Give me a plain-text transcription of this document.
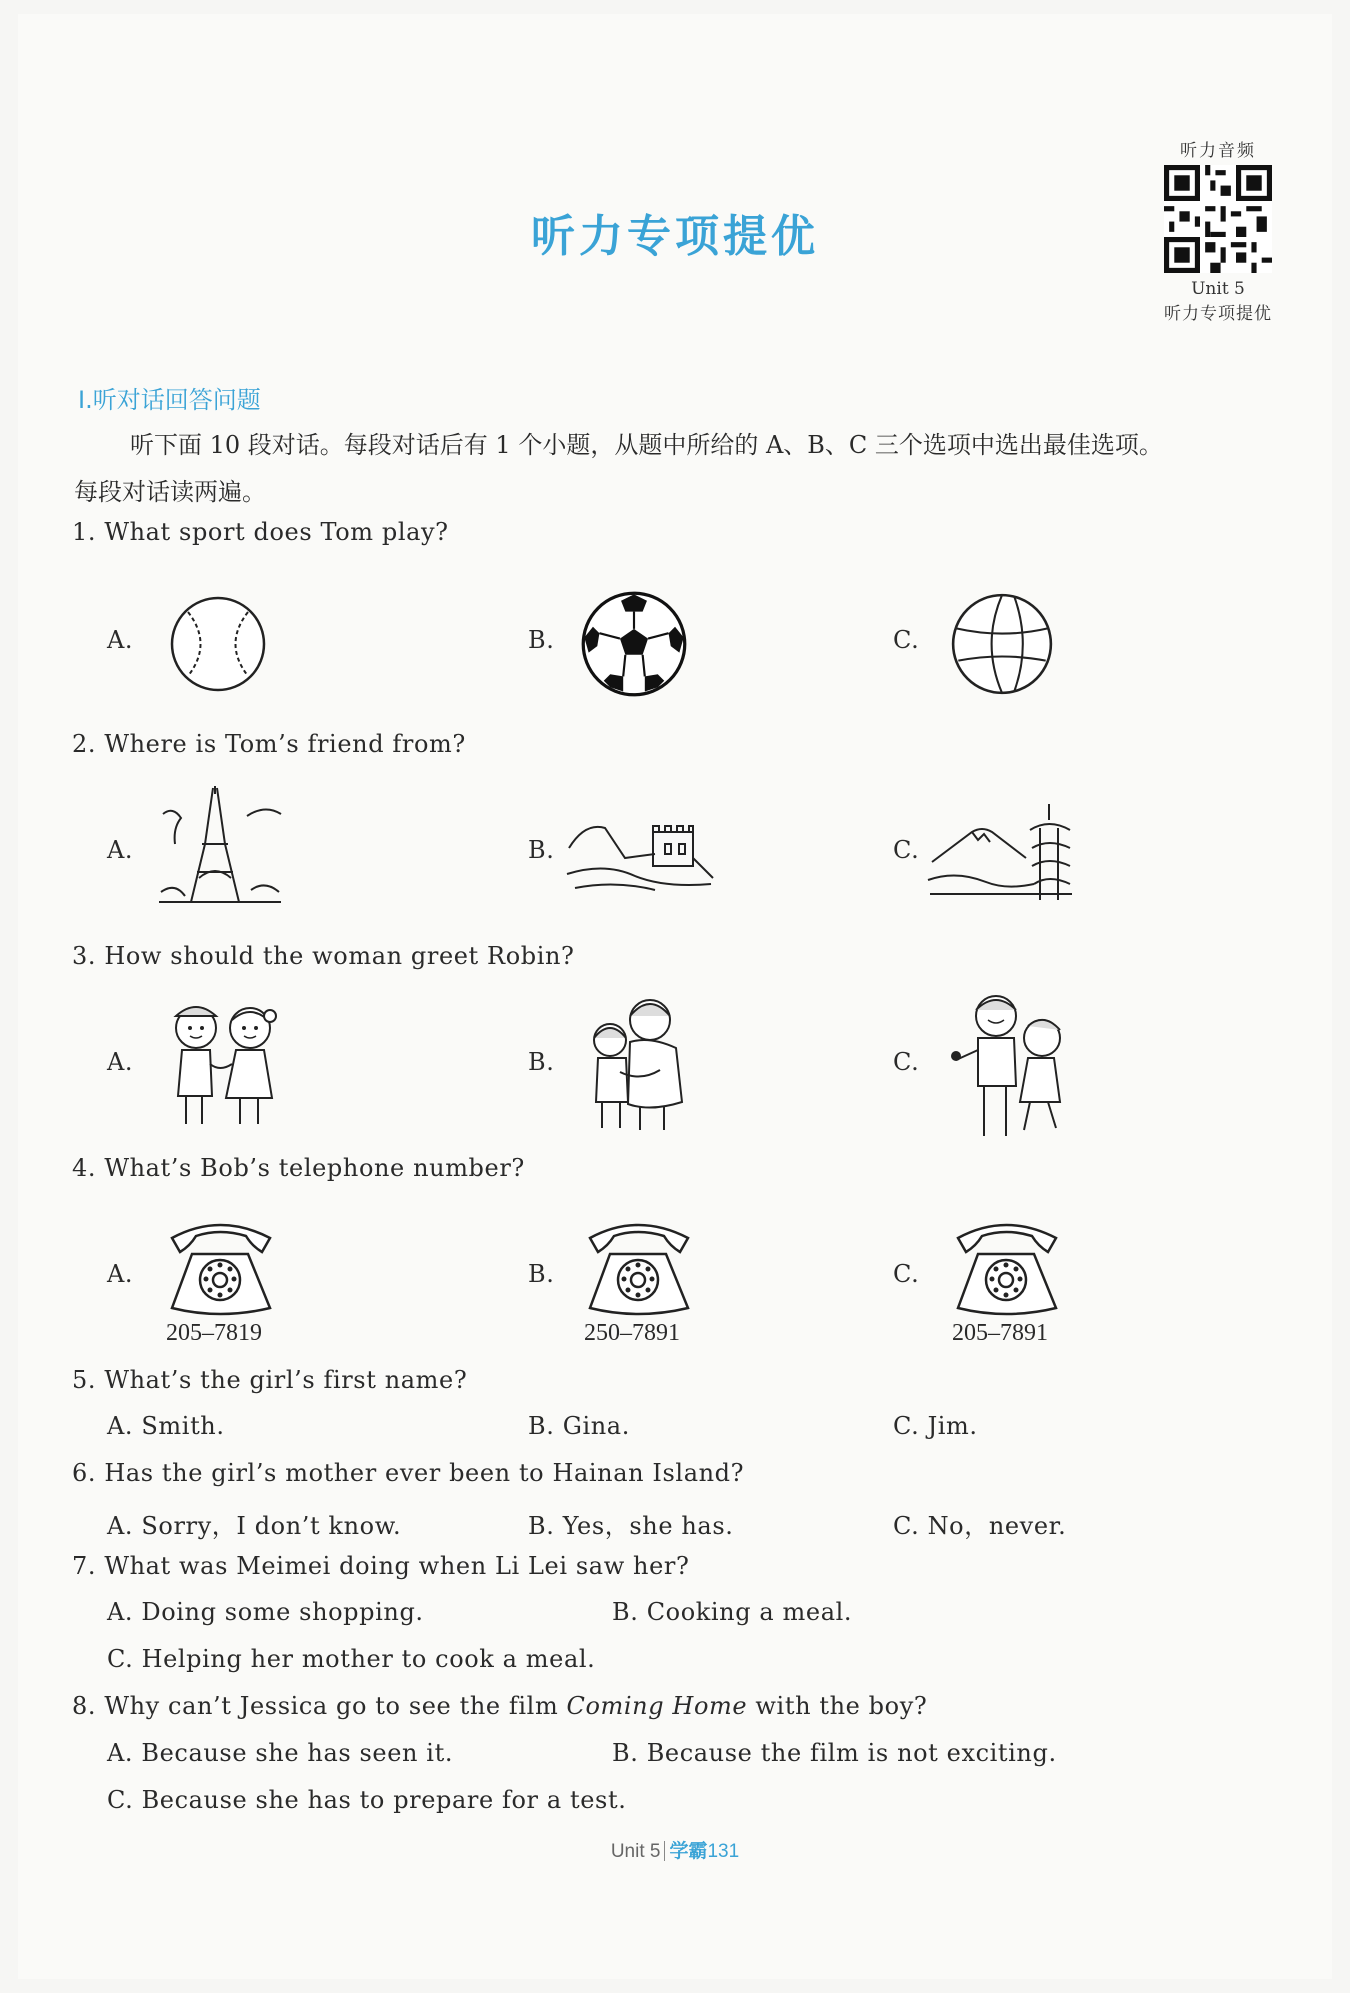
听力专项提优
听力音频
Unit 5
听力专项提优
Ⅰ.听对话回答问题
听下面 10 段对话。每段对话后有 1 个小题，从题中所给的 A、B、C 三个选项中选出最佳选项。
每段对话读两遍。
1. What sport does Tom play?
A.	B.	C.
2. Where is Tom’s friend from?
A.	B.	C.
3. How should the woman greet Robin?
A.	B.	C.
4. What’s Bob’s telephone number?
A.	B.	C.
205–7819	250–7891	205–7891
5. What’s the girl’s first name?
A. Smith.	B. Gina.	C. Jim.
6. Has the girl’s mother ever been to Hainan Island?
A. Sorry，I don’t know.	B. Yes，she has.	C. No，never.
7. What was Meimei doing when Li Lei saw her?
A. Doing some shopping.	B. Cooking a meal.
C. Helping her mother to cook a meal.
8. Why can’t Jessica go to see the film Coming Home with the boy?
A. Because she has seen it.	B. Because the film is not exciting.
C. Because she has to prepare for a test.
Unit 5 学霸131
